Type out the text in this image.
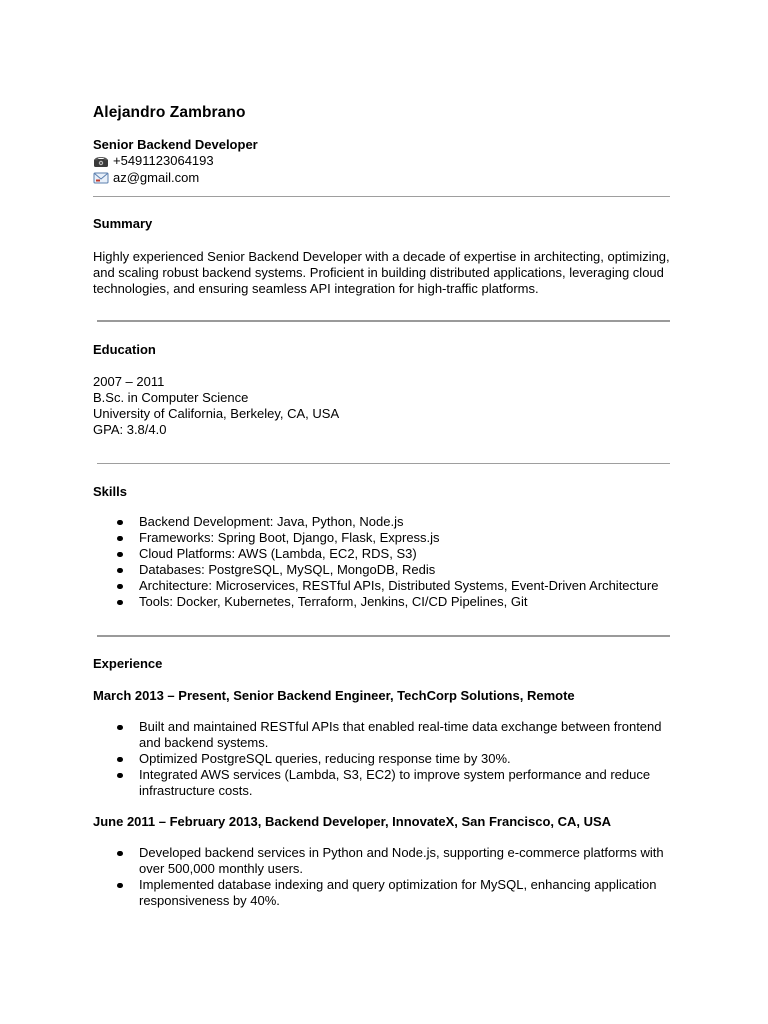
Alejandro Zambrano
Senior Backend Developer
+5491123064193
az@gmail.com
Summary
Highly experienced Senior Backend Developer with a decade of expertise in architecting, optimizing, and scaling robust backend systems. Proficient in building distributed applications, leveraging cloud technologies, and ensuring seamless API integration for high-traffic platforms.
Education
2007 – 2011
B.Sc. in Computer Science
University of California, Berkeley, CA, USA
GPA: 3.8/4.0
Skills
Backend Development: Java, Python, Node.js
Frameworks: Spring Boot, Django, Flask, Express.js
Cloud Platforms: AWS (Lambda, EC2, RDS, S3)
Databases: PostgreSQL, MySQL, MongoDB, Redis
Architecture: Microservices, RESTful APIs, Distributed Systems, Event-Driven Architecture
Tools: Docker, Kubernetes, Terraform, Jenkins, CI/CD Pipelines, Git
Experience
March 2013 – Present, Senior Backend Engineer, TechCorp Solutions, Remote
Built and maintained RESTful APIs that enabled real-time data exchange between frontend and backend systems.
Optimized PostgreSQL queries, reducing response time by 30%.
Integrated AWS services (Lambda, S3, EC2) to improve system performance and reduce infrastructure costs.
June 2011 – February 2013, Backend Developer, InnovateX, San Francisco, CA, USA
Developed backend services in Python and Node.js, supporting e-commerce platforms with over 500,000 monthly users.
Implemented database indexing and query optimization for MySQL, enhancing application responsiveness by 40%.
